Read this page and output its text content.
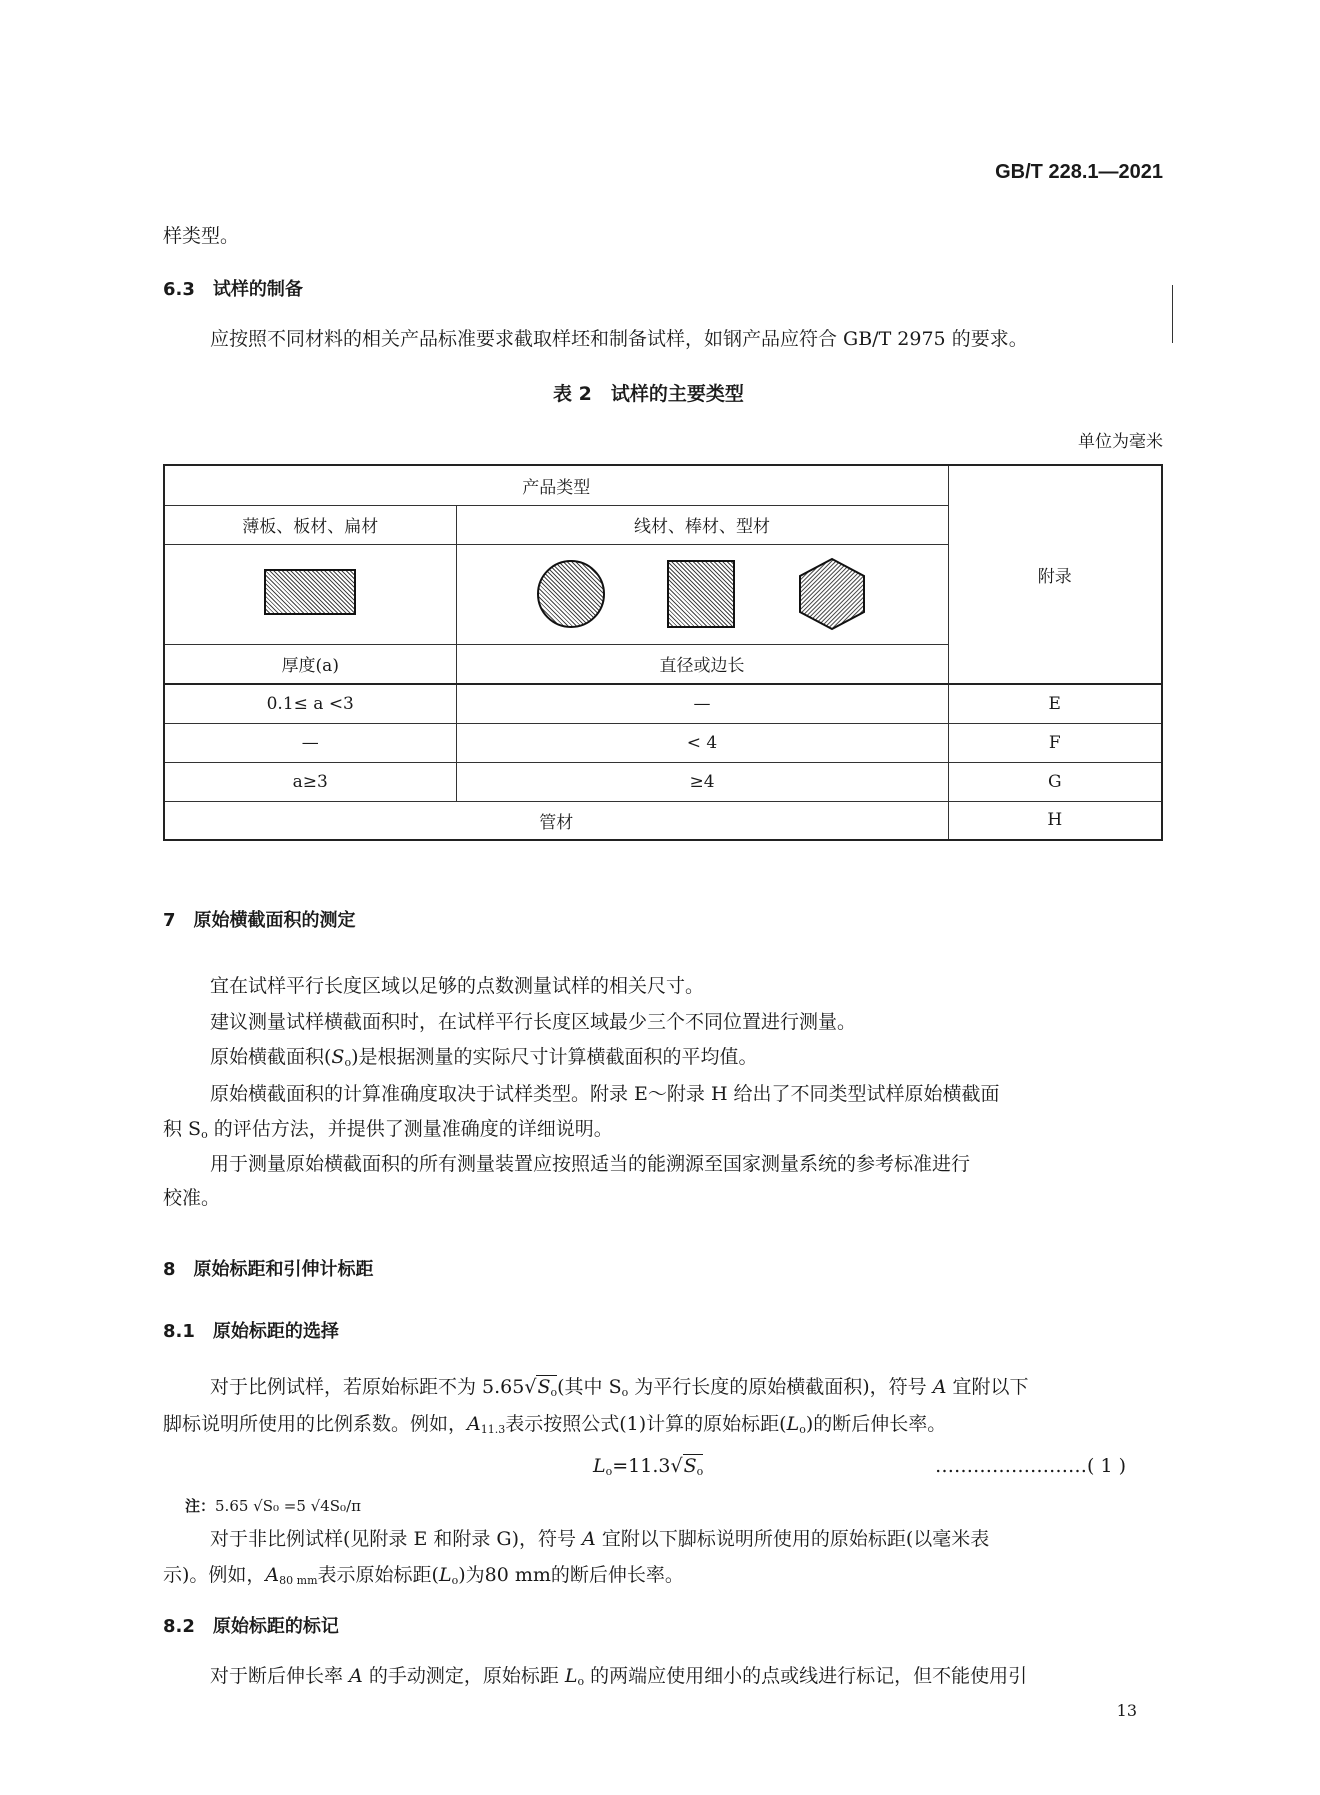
GB/T 228.1—2021
样类型。
6.3　 试样的制备
应按照不同材料的相关产品标准要求截取样坯和制备试样，如钢产品应符合 GB/T 2975 的要求。
表 2　试样的主要类型
单位为毫米
产品类型		附录
薄板、板材、扁材	线材、棒材、型材	

厚度(a)	直径或边长	
0.1≤ a <3	—	E
—	< 4	F
a≥3	≥4	G
管材		H
7　 原始横截面积的测定
宜在试样平行长度区域以足够的点数测量试样的相关尺寸。
建议测量试样横截面积时，在试样平行长度区域最少三个不同位置进行测量。
原始横截面积$(S_o)$是根据测量的实际尺寸计算横截面积的平均值。
原始横截面积的计算准确度取决于试样类型。附录 E～附录 H 给出了不同类型试样原始横截面
积 $S_o$ 的评估方法，并提供了测量准确度的详细说明。
用于测量原始横截面积的所有测量装置应按照适当的能溯源至国家测量系统的参考标准进行
校准。
8　 原始标距和引伸计标距
8.1　 原始标距的选择
对于比例试样，若原始标距不为 $5.65√S_o$(其中 $S_o$ 为平行长度的原始横截面积)，符号 A 宜附以下
脚标说明所使用的比例系数。例如，$A_{11.3}$表示按照公式(1)计算的原始标距$(L_o)$的断后伸长率。
$L_o=11.3√S_o$	……………………( 1 )
注：5.65 √S₀ =5 √4S₀/π
对于非比例试样(见附录 E 和附录 G)，符号 A 宜附以下脚标说明所使用的原始标距(以毫米表
示)。例如，$A_{80 mm}$表示原始标距$(L_o)$为80 mm的断后伸长率。
8.2　 原始标距的标记
对于断后伸长率 A 的手动测定，原始标距 $L_o$ 的两端应使用细小的点或线进行标记，但不能使用引
13
